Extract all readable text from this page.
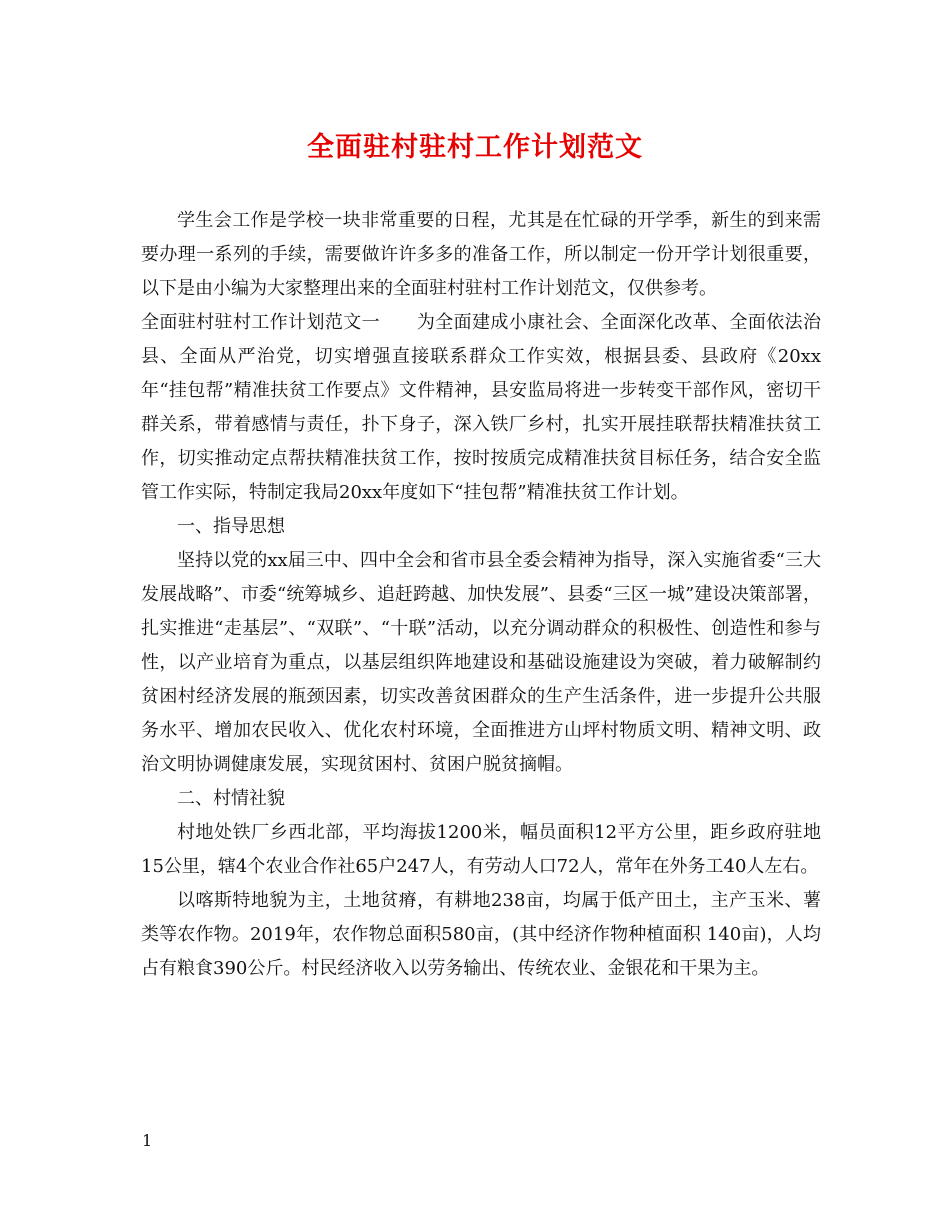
全面驻村驻村工作计划范文

学生会工作是学校一块非常重要的日程，尤其是在忙碌的开学季，新生的到来需要办理一系列的手续，需要做许许多多的准备工作，所以制定一份开学计划很重要，以下是由小编为大家整理出来的全面驻村驻村工作计划范文，仅供参考。

全面驻村驻村工作计划范文一　　为全面建成小康社会、全面深化改革、全面依法治县、全面从严治党，切实增强直接联系群众工作实效，根据县委、县政府《20xx年“挂包帮”精准扶贫工作要点》文件精神，县安监局将进一步转变干部作风，密切干群关系，带着感情与责任，扑下身子，深入铁厂乡村，扎实开展挂联帮扶精准扶贫工作，切实推动定点帮扶精准扶贫工作，按时按质完成精准扶贫目标任务，结合安全监管工作实际，特制定我局20xx年度如下“挂包帮”精准扶贫工作计划。

一、指导思想

坚持以党的xx届三中、四中全会和省市县全委会精神为指导，深入实施省委“三大发展战略”、市委“统筹城乡、追赶跨越、加快发展”、县委“三区一城”建设决策部署，扎实推进“走基层”、“双联”、“十联”活动，以充分调动群众的积极性、创造性和参与性，以产业培育为重点，以基层组织阵地建设和基础设施建设为突破，着力破解制约贫困村经济发展的瓶颈因素，切实改善贫困群众的生产生活条件，进一步提升公共服务水平、增加农民收入、优化农村环境，全面推进方山坪村物质文明、精神文明、政治文明协调健康发展，实现贫困村、贫困户脱贫摘帽。

二、村情社貌

村地处铁厂乡西北部，平均海拔1200米，幅员面积12平方公里，距乡政府驻地15公里，辖4个农业合作社65户247人，有劳动人口72人，常年在外务工40人左右。

以喀斯特地貌为主，土地贫瘠，有耕地238亩，均属于低产田土，主产玉米、薯类等农作物。2019年，农作物总面积580亩，(其中经济作物种植面积 140亩)，人均占有粮食390公斤。村民经济收入以劳务输出、传统农业、金银花和干果为主。

1
